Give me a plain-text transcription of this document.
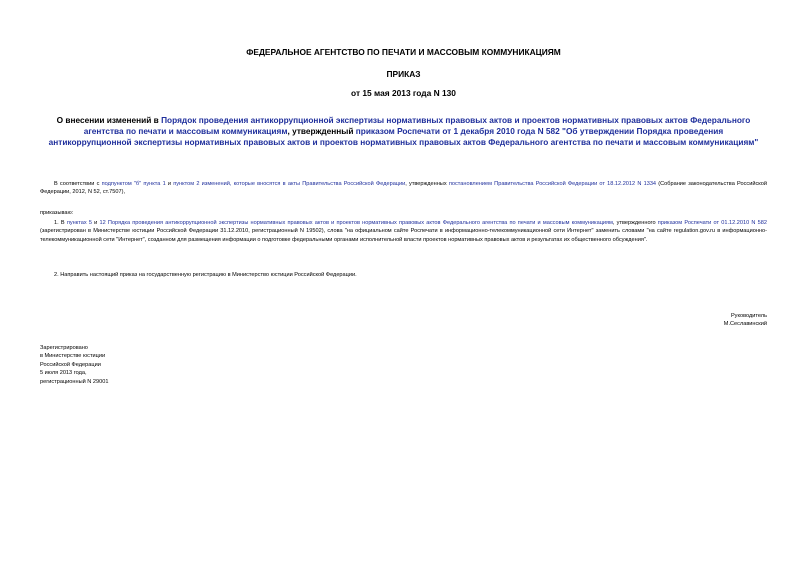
ФЕДЕРАЛЬНОЕ АГЕНТСТВО ПО ПЕЧАТИ И МАССОВЫМ КОММУНИКАЦИЯМ
ПРИКАЗ
от 15 мая 2013 года N 130
О внесении изменений в Порядок проведения антикоррупционной экспертизы нормативных правовых актов и проектов нормативных правовых актов Федерального агентства по печати и массовым коммуникациям, утвержденный приказом Роспечати от 1 декабря 2010 года N 582 "Об утверждении Порядка проведения антикоррупционной экспертизы нормативных правовых актов и проектов нормативных правовых актов Федерального агентства по печати и массовым коммуникациям"
В соответствии с подпунктом "б" пункта 1 и пунктом 2 изменений, которые вносятся в акты Правительства Российской Федерации, утвержденных постановлением Правительства Российской Федерации от 18.12.2012 N 1334 (Собрание законодательства Российской Федерации, 2012, N 52, ст.7507),
приказываю:
1. В пунктах 5 и 12 Порядка проведения антикоррупционной экспертизы нормативных правовых актов и проектов нормативных правовых актов Федерального агентства по печати и массовым коммуникациям, утвержденного приказом Роспечати от 01.12.2010 N 582 (зарегистрирован в Министерстве юстиции Российской Федерации 31.12.2010, регистрационный N 19502), слова "на официальном сайте Роспечати в информационно-телекоммуникационной сети Интернет" заменить словами "на сайте regulation.gov.ru в информационно-телекоммуникационной сети "Интернет", созданном для размещения информации о подготовке федеральными органами исполнительной власти проектов нормативных правовых актов и результатах их общественного обсуждения".
2. Направить настоящий приказ на государственную регистрацию в Министерство юстиции Российской Федерации.
Руководитель
М.Сеславинский
Зарегистрировано
в Министерстве юстиции
Российской Федерации
5 июля 2013 года,
регистрационный N 29001
